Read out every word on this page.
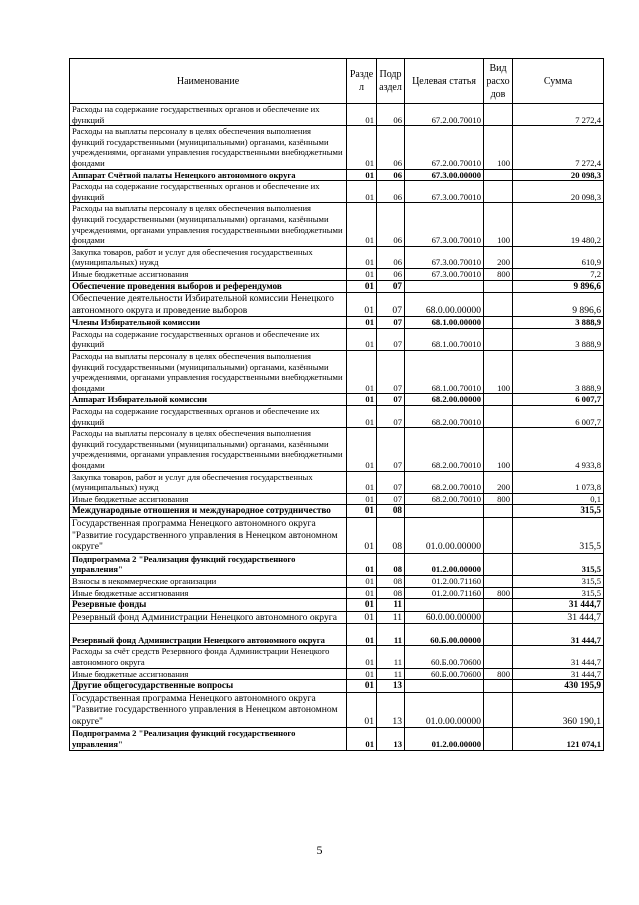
Наименование	Разде л	Подр аздел	Целевая статья	Вид расхо дов	Сумма
Расходы на содержание государственных органов и обеспечение их функций	01	06	67.2.00.70010		7 272,4
Расходы на выплаты персоналу в целях обеспечения выполнения функций государственными (муниципальными) органами, казёнными учреждениями, органами управления государственными внебюджетными фондами	01	06	67.2.00.70010	100	7 272,4
Аппарат Счётной палаты Ненецкого автономного округа	01	06	67.3.00.00000		20 098,3
Расходы на содержание государственных органов и обеспечение их функций	01	06	67.3.00.70010		20 098,3
Расходы на выплаты персоналу в целях обеспечения выполнения функций государственными (муниципальными) органами, казёнными учреждениями, органами управления государственными внебюджетными фондами	01	06	67.3.00.70010	100	19 480,2
Закупка товаров, работ и услуг для обеспечения государственных (муниципальных) нужд	01	06	67.3.00.70010	200	610,9
Иные бюджетные ассигнования	01	06	67.3.00.70010	800	7,2
Обеспечение проведения выборов и референдумов	01	07			9 896,6
Обеспечение деятельности Избирательной комиссии Ненецкого автономного округа и проведение выборов	01	07	68.0.00.00000		9 896,6
Члены Избирательной комиссии	01	07	68.1.00.00000		3 888,9
Расходы на содержание государственных органов и обеспечение их функций	01	07	68.1.00.70010		3 888,9
Расходы на выплаты персоналу в целях обеспечения выполнения функций государственными (муниципальными) органами, казёнными учреждениями, органами управления государственными внебюджетными фондами	01	07	68.1.00.70010	100	3 888,9
Аппарат Избирательной комиссии	01	07	68.2.00.00000		6 007,7
Расходы на содержание государственных органов и обеспечение их функций	01	07	68.2.00.70010		6 007,7
Расходы на выплаты персоналу в целях обеспечения выполнения функций государственными (муниципальными) органами, казёнными учреждениями, органами управления государственными внебюджетными фондами	01	07	68.2.00.70010	100	4 933,8
Закупка товаров, работ и услуг для обеспечения государственных (муниципальных) нужд	01	07	68.2.00.70010	200	1 073,8
Иные бюджетные ассигнования	01	07	68.2.00.70010	800	0,1
Международные отношения и международное сотрудничество	01	08			315,5
Государственная программа Ненецкого автономного округа "Развитие государственного управления в Ненецком автономном округе"	01	08	01.0.00.00000		315,5
Подпрограмма 2 "Реализация функций государственного управления"	01	08	01.2.00.00000		315,5
Взносы в некоммерческие организации	01	08	01.2.00.71160		315,5
Иные бюджетные ассигнования	01	08	01.2.00.71160	800	315,5
Резервные фонды	01	11			31 444,7
Резервный фонд Администрации Ненецкого автономного округа	01	11	60.0.00.00000		31 444,7
Резервный фонд Администрации Ненецкого автономного округа	01	11	60.Б.00.00000		31 444,7
Расходы за счёт средств Резервного фонда Администрации Ненецкого автономного округа	01	11	60.Б.00.70600		31 444,7
Иные бюджетные ассигнования	01	11	60.Б.00.70600	800	31 444,7
Другие общегосударственные вопросы	01	13			430 195,9
Государственная программа Ненецкого автономного округа "Развитие государственного управления в Ненецком автономном округе"	01	13	01.0.00.00000		360 190,1
Подпрограмма 2 "Реализация функций государственного управления"	01	13	01.2.00.00000		121 074,1
5
